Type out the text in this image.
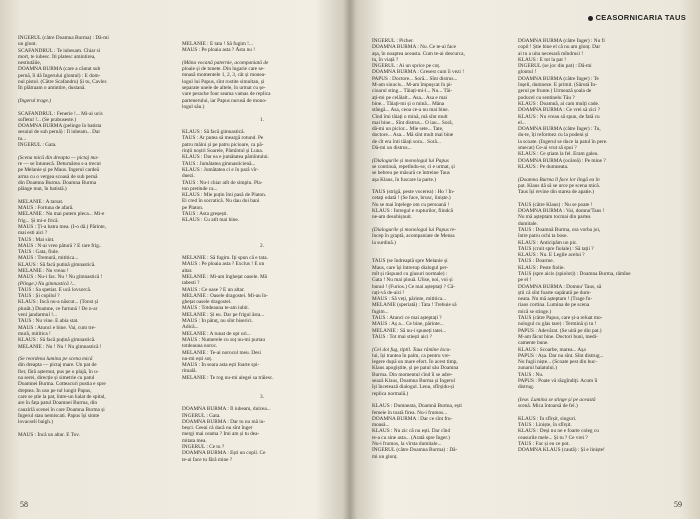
INGERUL (către Doamna Burma) : Dă-mi

un glont.

SCAFANDRUL : Te iubesam. Chiar si

mort, te iubesc. Îti platesc amintirea,

nestiutăiie,

DOAMNA BURMA (care a căutat sub

pernă, îi dă Îngerului glontul) : E dom-

nul pistol. (Către Scafandru) Și tu, Cavler.

Îti plătraam o amintire, dustană.

(Îngerul trage.)

SCAFANDRUL : Fenerie !... Mi-ai ucis

sufletul !... (Se prabuseste.)

DOAMNA BURMA (pelinge în batista

sesuiul de sub pernă) : Îl iubeam... Dar

tu...

ÎNGERUL : Gata.

(Scena mică din dreapta — pictaj ma-

re — se întunecă. Deturnărea s-a trecut

pe Melanie și pe Maus. Îngerul cardeă

arma cu o vergea scoasă de sub pernă

din Doamna Burma. Doamna Burma

plânge mut, în batistă.)

MELANIE : A tarsat.

MAUS : Fortuna de afară.

MELANIE : Nu mai putem pleca... Mi-e

frig... Și mi-e frică.

MAUS : Ți-a batra mea. (I-o dă.) Părinte,

mai esti aici ?

TAUS : Mai sint.

MAUS : N-ai vreo pătură ? E rare frig..

TAUS : Gata, fiule.

MAUS : Tremură, mititica...

KLAUS : Să facă putină gimnastică.

MELANIE : Nu vreau !

MAUS : Nu-i fac. Nu ! Nu gimnastică !

(Plinge.) Nu gimnastică !...

TAUS : Sa spetiat. E ucă lovsorcă.

TAUS : Și copilul ?

KLAUS : Încă nu-a născut... (Tonst și

plusăt.) Doamne, ce furtună ! De n-ar

veni jandarmul !...

TAUS : Nu vine. E abia stat.

MAUS : Atunci e bine. Vai, cum tre-

mură, mititica !

KLAUS : Să facă puțină gimnastică.

MELANIE : Nu ! Nu ! Nu gimnastică !

(Se reordena lumina pe scena mică

din dreapta — pictaj mare. Un pat de

fier, fără așternut, pus pe o plajă, în u-

na serei, direcție și simetrie cu patul

Doamnei Burma. Cotteacuri pustia e spre

dreptea. În uso pe tul lungit Papus,

care se știe la pat, între-un halat de spital,

are în fața patul Doamnei Burma, din

cauzirlă scenei în care Doamna Burma și

Îngerul stau nemiscati. Papus își simte

lovacseli baigh.)

MAUS : Încă un altar. E Tov.

MELANIE : E tata ! Să fugim !...

MAUS : Pe ploaia asta ? Ăsta nu !

(Mâna vocană paternie, acompaniată de

ploaie și de tunete. Din lugarie care se-

mnasă momentele 1, 2, 3, cât și monea-

logul lui Papus, sînt rostite simultan, și

separate unele de altele, în urmat cu șe-

vare perache four seama vamas de replica

partenerului, iar Papus nurusă de mono-

logul său.)

1.

KLAUS : Să facă gimnastică.

TAUS : Ar putea să meargă rotund. Pe

patru mâini și pe patru picioare, ca pă-

rinții noștri Soarele, Pămîntul și Luna.

KLAUS : Dar ea e jumătatea pămîntului.

TAUS : Jumătatea gimnasticienă...

KLAUS : Jumătatea ci e în pară vîr-

duezi.

TAUS : Nu-i chiar atît de simplu. Pla-

ton pretinde ca...

KLAUS : Mie puțin îmi pasă de Platon.

Ei cred în socratică. Nu dau doi bani

pe Platon.

TAUS : Asta greșești.

KLAUS : Cu atît mai bine.

2.

MELANIE : Să fugim. Îți spun că e tata.

MAUS : Pe ploaia asta ? Exclus ! E un

altar.

MELANIE : Mi-am înghețat oasele. Mă

tabesti ?

MAUS : Ce oase ? E un altar.

MELANIE : Oasele dragostei. Mi-au în-

ghețat oasele dragostei.

MAUS : Totdeauna te-am iubit.

MELANIE : Și eu. Dar pe frigul ăsta...

MAUS : În pătuț, nu sînt biserici.

Adică...

MELANIE : A tunat de opt ori...

MAUS : Numerele cu soț nu-mi purtau

totdeauna noroc.

MELANIE : Te-ai norocul meu. Desi

nu-mi ești soț.

MAUS : În seara asta ești foarte spi-

rituală.

MELANIE : Te rog nu-mi alegei sa trăiesc.

3.

DOAMNA BURMA : Îl iubeam, dulcea...

ÎNGERUL : Gata.

DOAMNA BURMA : Dar tu nu mă iu-

beșci. Ceeai că dacă nu sînt înger

mergi mai ceama ? Imi am și tu dea-

mitata mea.

ÎNGERUL : Ce tu ?

DOAMNA BURMA : Ești un copil. Ce

te-ai face tu fără mine ?

58

ÎNGERUL : Picher.

DOAMNA BURMA : Nu. Ce te-ai face

așa, în noaptea aceasta. Cum te-ai descurca,

tu, în viață ?

ÎNGERUL : Ai un sprice pe coț.

DOAMNA BURMA : Gresest cum îi vezi !

PAPUS : Doctore... Soră... Sînt distrus...

M-am sinucis... M-am împușcat în pi-

cioarul sting... Tăiați-mi-l... Nu... Tăi-

ați-mi pe celălalt... Asa... Asa e mai

bine... Tăiați-mi și o mină... Mâna

stângă... Asa, ceoa ce-a nu mai bine.

Cînd îmi tăiați o mină, mă sînt mult

mai bine... Sînt distrus... O iau... Soră,

dă-mi un picior... Mie sete... Tate,

doctore... Asa... Mă sînt mult mai bine

de cît era înti tăiați sora... Soră...

Dă-mi un distrus...

(Dialogurile și monologul lui Papus

se continuă, repetîndu-se, ci e urmat, și

se bebreu pe măsură ce întreine Taus

așa Klaus, în fuscare la parte.)

TAUS (strigă, peste vocerea) : Ho ! În-

cetați odată ! (Se face, brusc, liniște.)

Nu se mai înțelege om cu persoană !

KLAUS : Întregul e rupturilor, fiindcă

ne-am desobișnuit.

(Dialogurile și monologul lui Papus re-

încep în graptă, acompaniate de Mensa

la surdină.)

TAUS (se îndreaptă spre Melanie și

Maus, care își întrerup dialogul per-

mît și răspund cu glasuri normale) :

Gata ! Nu mai plouă. Ulise, noi, voi și

bunul ! (Furios.) Ce mai așteptați ? Că-

rați-vă de-aici !

MAUS : Să veți, părinte, mititica...

MELANIE (speriată) : Tata ! Trebuie să

fugim...

TAUS : Atunci ce mai așteptați ?

MAUS : Aș a... Ce bine, părinte...

MELANIE : Să nu-i spuneți tatei...

TAUS : Tot mai stiești aici ?

(Cei doi fug, tiptil. Taus rămîne locu-

lui, își trantea în palm, ca pentru vre-

legere după un mare efort. În acest timp,

Klaus apogiștite, și pe patul său Doamna

Burma. Din momentul cînd îi se adre-

sează Klaus, Doamna Burma și Îngerul

își încetează dialogul. Lenu, sfîrșidu-și

replica normală.)

KLAUS : Dumneata, Doamnă Burma, ești

femeie în toată firea. Nu-i frumos...

DOAMNA BURMA : Dar ce sînt fru-

moasă...

KLAUS : Nu zic că nu ești. Dar cînd

te-a cu sine asta... (Arată spre Înger.)

Nu-i frumos, la vîrsta dumitale...

ÎNGERUL (către Doamna Burma) : Dă-

mi un glonț.

DOAMNA BURMA (către Înger) : Nu fi

copil ! Știe bine el că nu am glonț. Dar

ai tu a uita necesară mîndrusi !

KLAUS : E tot la pat !

ÎNGERUL (se joc din pat) : Dă-mi

glontul !

DOAMNA BURMA (către Înger) : Te

înșeli, dumneze. E primit. (Sărută În-

gerul pe frunte.) Urmează șoala de

poducel cu sentinelu Tău ?

KLAUS : Doamnă, ai cam mulți cade.

DOAMNA BURMA : Ce vrei să zici ?

KLAUS : Nu vreau să spun, de fată cu

el...

DOAMNA BURMA (către Înger) : Tu,

du-te, îți reformez cu la podeni și

la scoate. (Îngerul se duce la patul în pere.

smecat) Ce-ai vrut să spui ?

KLAUS : Ce știam la fel. Eram galeu.

DOAMNA BURMA (ocăreă) : Pe mine ?

KLAUS : Pe dumneata.

(Doamna Burma îl face lor lingă ea în

pat. Klaus dă să se urce pe scena mică.

Taus își revine din starea de apatie.)

TAUS (către Klaus) : Nu se poate !

DOAMNA BURMA : Vai, domnu'Taus !

Nu mă așteptam tocmai din partea

dumitale.

TAUS : Doamnă Burma, ora vorba joi,

între patru ochi ta bose.

KLAUS : Anticipăm un pic.

TAUS (cruit spre fiolale) : Să tații ?

KLAUS : Nu. E Legile acelui ?

TAUS : Doarme.

KLAUS : Peste fiolie.

TAUS (spre aicis (spiolot)) : Doamna Burma, rămîne

pe el !

DOAMNA BURMA : Domnu' Taus, să

știi că sînt foarte supărată pe dum-

neata. Nu mă așteptam ! (Trage fu-

riaos cortina. Lumina de pe scena

mică se stinge.)

TAUS (către Papus, care și-a reluat mo-

nologul cu glas tare) : Termină și tu !

PAPUS : Adevărat. (Se uită pe din pat.)

M-am făcut bine. Doctori buni, medi-

camente bune.

KLAUS : Scoarbe, marea... Așa

PAPUS : Așa. Dar nu sînt. Sînt distrug...

Nu fugii niște... (Scoate pest din buc-

zunarul halatului.)

TAUS : Nu.

PAPUS : Poate vă răzgîndiți. Acum îi

distrug.

(Iese. Lumina se stinge și pe această

scenă. Mica întoarsă de fel.)

KLAUS : În sfîrșit, singuri.

TAUS : Liniște, în sfîrșit.

KLAUS : Deși nu ne e foarte coleg cu

ceasurile mele... Și tu ? Ce vrei ?

TAUS : Fac și eu ce pot.

DOAMNA KLAUS (caută) : Și e liniște!

CEASORNICARIA TAUS
59
